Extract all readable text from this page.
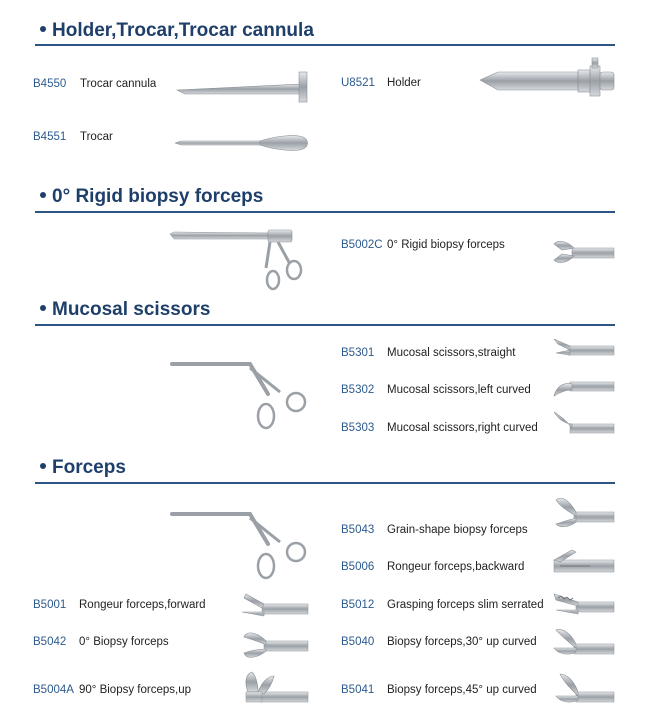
Holder,Trocar,Trocar cannula
B4550 Trocar cannula	U8521 Holder
B4551 Trocar
0° Rigid biopsy forceps
B5002C 0° Rigid biopsy forceps
Mucosal scissors
B5301 Mucosal scissors,straight
B5302 Mucosal scissors,left curved
B5303 Mucosal scissors,right curved
Forceps
B5043 Grain-shape biopsy forceps
B5006 Rongeur forceps,backward
B5001 Rongeur forceps,forward	B5012 Grasping forceps slim serrated
B5042 0° Biopsy forceps	B5040 Biopsy forceps,30° up curved
B5004A 90° Biopsy forceps,up	B5041 Biopsy forceps,45° up curved
